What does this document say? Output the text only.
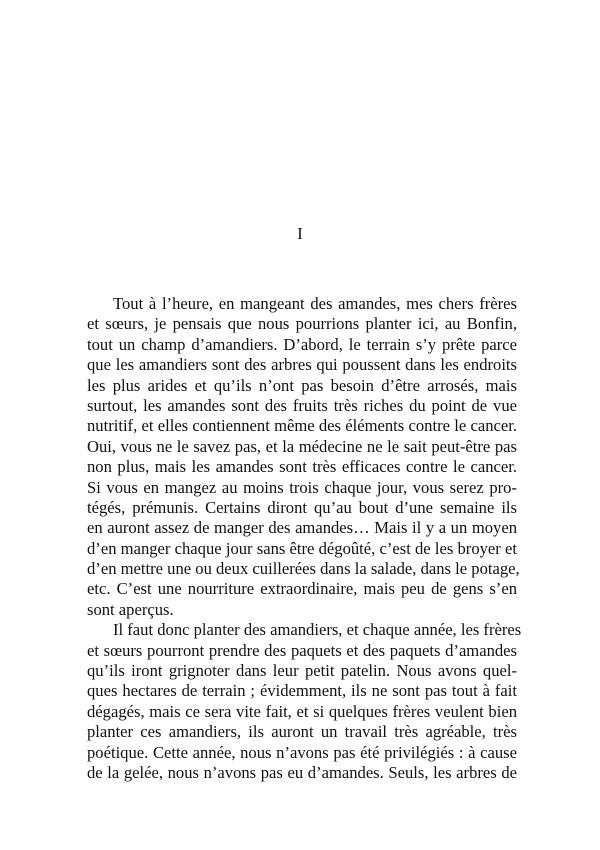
I

Tout à l’heure, en mangeant des amandes, mes chers frères
et sœurs, je pensais que nous pourrions planter ici, au Bonfin,
tout un champ d’amandiers. D’abord, le terrain s’y prête parce
que les amandiers sont des arbres qui poussent dans les endroits
les plus arides et qu’ils n’ont pas besoin d’être arrosés, mais
surtout, les amandes sont des fruits très riches du point de vue
nutritif, et elles contiennent même des éléments contre le cancer.
Oui, vous ne le savez pas, et la médecine ne le sait peut-être pas
non plus, mais les amandes sont très efficaces contre le cancer.
Si vous en mangez au moins trois chaque jour, vous serez pro-
tégés, prémunis. Certains diront qu’au bout d’une semaine ils
en auront assez de manger des amandes… Mais il y a un moyen
d’en manger chaque jour sans être dégoûté, c’est de les broyer et
d’en mettre une ou deux cuillerées dans la salade, dans le potage,
etc. C’est une nourriture extraordinaire, mais peu de gens s’en
sont aperçus.

Il faut donc planter des amandiers, et chaque année, les frères
et sœurs pourront prendre des paquets et des paquets d’amandes
qu’ils iront grignoter dans leur petit patelin. Nous avons quel-
ques hectares de terrain ; évidemment, ils ne sont pas tout à fait
dégagés, mais ce sera vite fait, et si quelques frères veulent bien
planter ces amandiers, ils auront un travail très agréable, très
poétique. Cette année, nous n’avons pas été privilégiés : à cause
de la gelée, nous n’avons pas eu d’amandes. Seuls, les arbres de
